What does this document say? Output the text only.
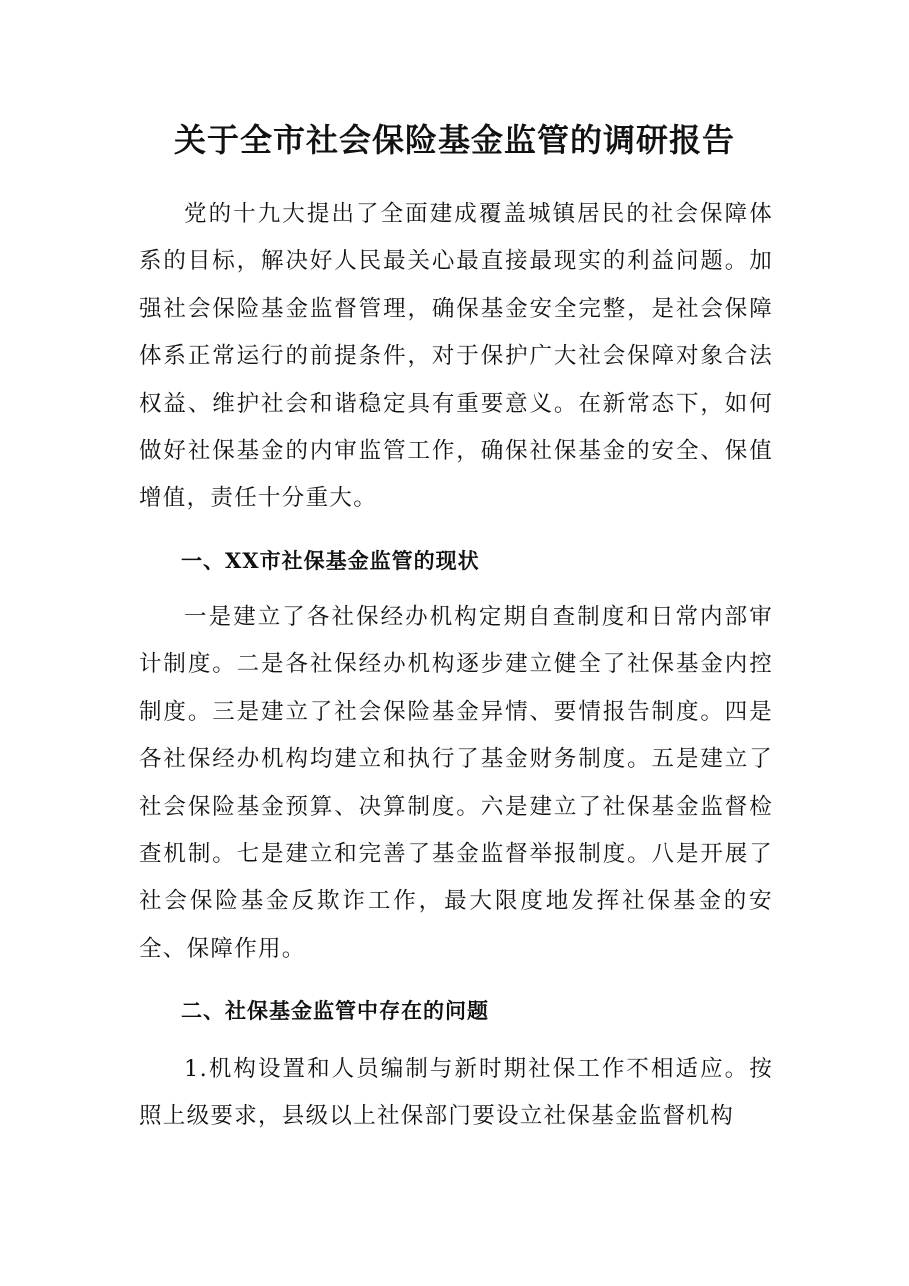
关于全市社会保险基金监管的调研报告

党的十九大提出了全面建成覆盖城镇居民的社会保障体系的目标，解决好人民最关心最直接最现实的利益问题。加强社会保险基金监督管理，确保基金安全完整，是社会保障体系正常运行的前提条件，对于保护广大社会保障对象合法权益、维护社会和谐稳定具有重要意义。在新常态下，如何做好社保基金的内审监管工作，确保社保基金的安全、保值增值，责任十分重大。

一、XX市社保基金监管的现状

一是建立了各社保经办机构定期自查制度和日常内部审计制度。二是各社保经办机构逐步建立健全了社保基金内控制度。三是建立了社会保险基金异情、要情报告制度。四是各社保经办机构均建立和执行了基金财务制度。五是建立了社会保险基金预算、决算制度。六是建立了社保基金监督检查机制。七是建立和完善了基金监督举报制度。八是开展了社会保险基金反欺诈工作，最大限度地发挥社保基金的安全、保障作用。

二、社保基金监管中存在的问题

1.机构设置和人员编制与新时期社保工作不相适应。按照上级要求，县级以上社保部门要设立社保基金监督机构
